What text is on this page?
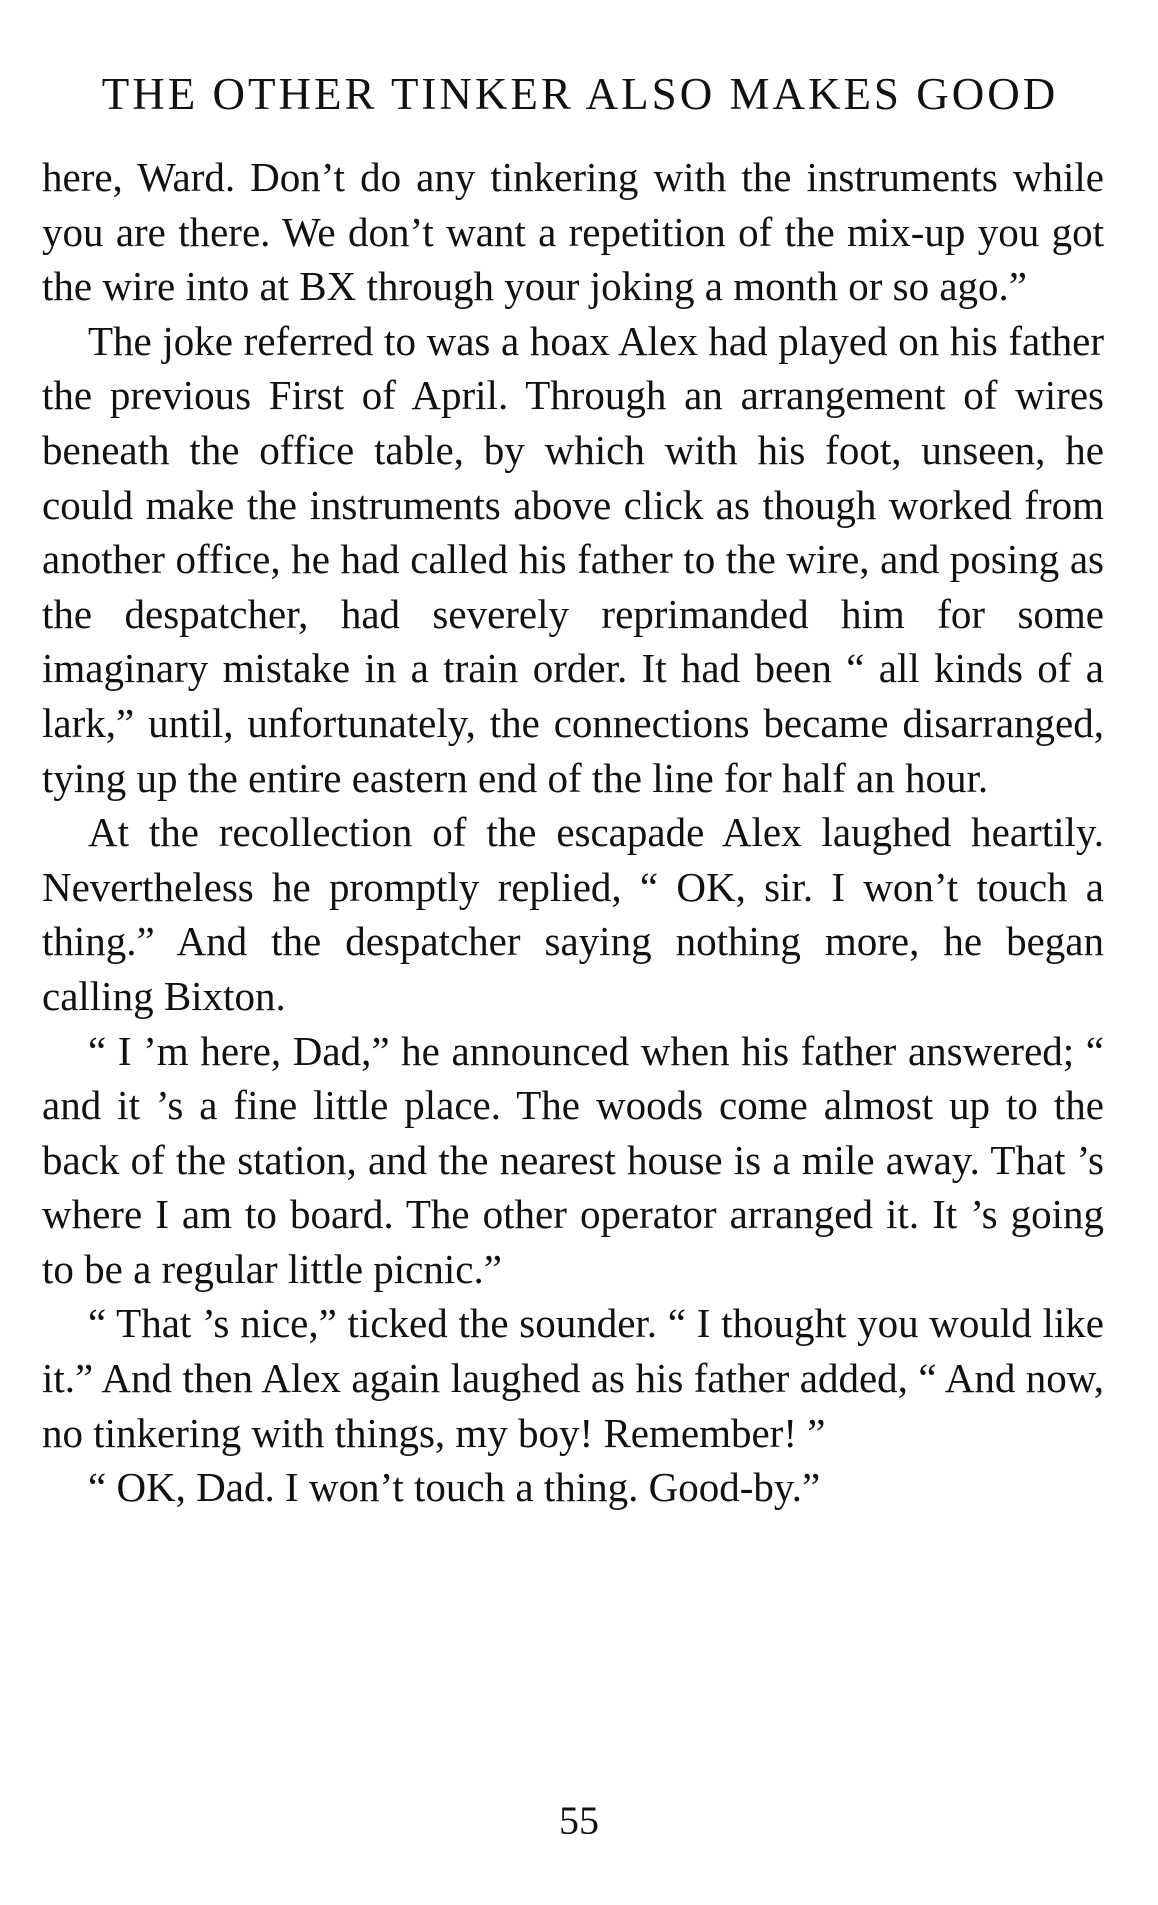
THE OTHER TINKER ALSO MAKES GOOD

here, Ward. Don’t do any tinkering with the instruments while you are there. We don’t want a repetition of the mix-up you got the wire into at BX through your joking a month or so ago.”

The joke referred to was a hoax Alex had played on his father the previous First of April. Through an arrangement of wires beneath the office table, by which with his foot, unseen, he could make the instruments above click as though worked from another office, he had called his father to the wire, and posing as the despatcher, had severely reprimanded him for some imaginary mistake in a train order. It had been “ all kinds of a lark,” until, unfortunately, the connections became disarranged, tying up the entire eastern end of the line for half an hour.

At the recollection of the escapade Alex laughed heartily. Nevertheless he promptly replied, “ OK, sir. I won’t touch a thing.” And the despatcher saying nothing more, he began calling Bixton.

“ I ’m here, Dad,” he announced when his father answered; “ and it ’s a fine little place. The woods come almost up to the back of the station, and the nearest house is a mile away. That ’s where I am to board. The other operator arranged it. It ’s going to be a regular little picnic.”

“ That ’s nice,” ticked the sounder. “ I thought you would like it.” And then Alex again laughed as his father added, “ And now, no tinkering with things, my boy! Remember! ”

“ OK, Dad. I won’t touch a thing. Good-by.”

55
